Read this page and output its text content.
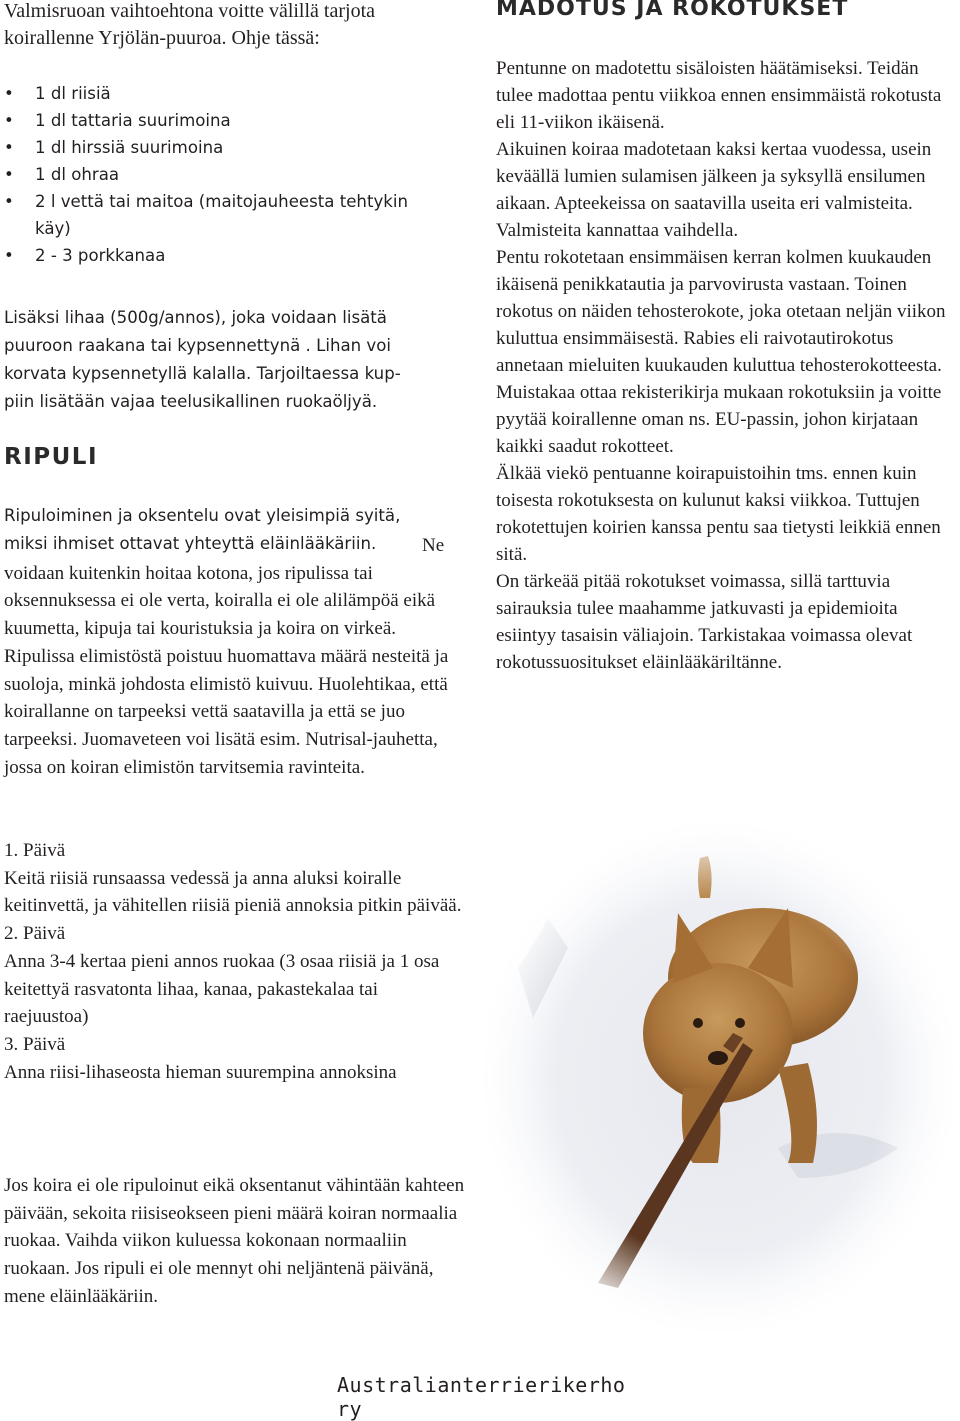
Valmisruoan vaihtoehtona voitte välillä tarjota

koirallenne Yrjölän-puuroa. Ohje tässä:

• 1 dl riisiä
• 1 dl tattaria suurimoina
• 1 dl hirssiä suurimoina
• 1 dl ohraa
• 2 l vettä tai maitoa (maitojauheesta tehtykin käy)
• 2 - 3 porkkanaa

Lisäksi lihaa (500g/annos), joka voidaan lisätä

puuroon raakana tai kypsennettynä . Lihan voi

korvata kypsennetyllä kalalla. Tarjoiltaessa kup-

piin lisätään vajaa teelusikallinen ruokaöljyä.

RIPULI

Ripuloiminen ja oksentelu ovat yleisimpiä syitä,

miksi ihmiset ottavat yhteyttä eläinlääkäriin.	Ne voidaan kuitenkin hoitaa kotona, jos ripulissa tai oksennuksessa ei ole verta, koiralla ei ole alilämpöä eikä kuumetta, kipuja tai kouristuksia ja koira on virkeä. Ripulissa elimistöstä poistuu huomattava määrä nesteitä ja suoloja, minkä johdosta elimistö kuivuu. Huolehtikaa, että koirallanne on tarpeeksi vettä saatavilla ja että se juo tarpeeksi. Juomaveteen voi lisätä esim. Nutrisal-jauhetta, jossa on koiran elimistön tarvitsemia ravinteita.

1. Päivä

Keitä riisiä runsaassa vedessä ja anna aluksi koiralle keitinvettä, ja vähitellen riisiä pieniä annoksia pitkin päivää.

2. Päivä

Anna 3-4 kertaa pieni annos ruokaa (3 osaa riisiä ja 1 osa keitettyä rasvatonta lihaa, kanaa, pakastekalaa tai raejuustoa)

3. Päivä

Anna riisi-lihaseosta hieman suurempina annoksina

Jos koira ei ole ripuloinut eikä oksentanut vähintään kahteen päivään, sekoita riisiseokseen pieni määrä koiran normaalia ruokaa. Vaihda viikon kuluessa kokonaan normaaliin ruokaan. Jos ripuli ei ole mennyt ohi neljäntenä päivänä, mene eläinlääkäriin.

MADOTUS JA ROKOTUKSET

Pentunne on madotettu sisäloisten häätämiseksi. Teidän tulee madottaa pentu viikkoa ennen ensimmäistä rokotusta eli 11-viikon ikäisenä.

Aikuinen koiraa madotetaan kaksi kertaa vuodessa, usein keväällä lumien sulamisen jälkeen ja syksyllä ensilumen aikaan. Apteekeissa on saatavilla useita eri valmisteita. Valmisteita kannattaa vaihdella.

Pentu rokotetaan ensimmäisen kerran kolmen kuukauden ikäisenä penikkatautia ja parvovirusta vastaan. Toinen rokotus on näiden tehosterokote, joka otetaan neljän viikon kuluttua ensimmäisestä. Rabies eli raivotautirokotus annetaan mieluiten kuukauden kuluttua tehosterokotteesta.

Muistakaa ottaa rekisterikirja mukaan rokotuksiin ja voitte pyytää koirallenne oman ns. EU-passin, johon kirjataan kaikki saadut rokotteet.

Älkää viekö pentuanne koirapuistoihin tms. ennen kuin toisesta rokotuksesta on kulunut kaksi viikkoa. Tuttujen rokotettujen koirien kanssa pentu saa tietysti leikkiä ennen sitä.

On tärkeää pitää rokotukset voimassa, sillä tarttuvia sairauksia tulee maahamme jatkuvasti ja epidemioita esiintyy tasaisin väliajoin. Tarkistakaa voimassa olevat rokotussuositukset eläinlääkäriltänne.

Australianterrierikerho ry
